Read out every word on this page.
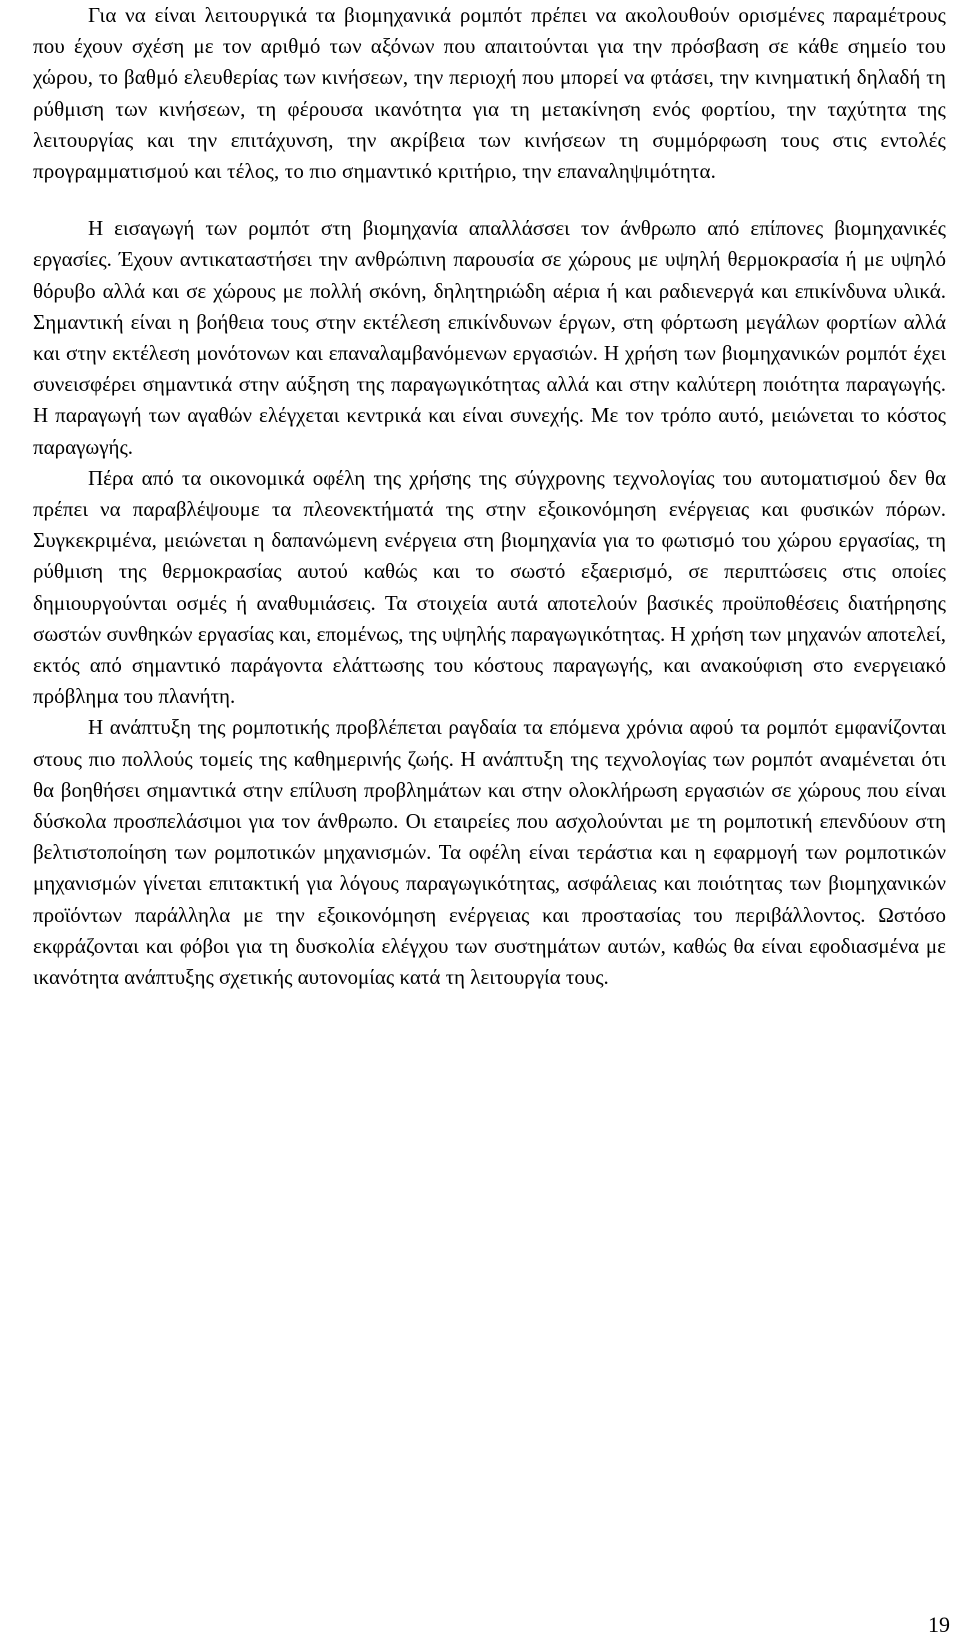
Για να είναι λειτουργικά τα βιομηχανικά ρομπότ πρέπει να ακολουθούν ορισμένες παραμέτρους που έχουν σχέση με τον αριθμό των αξόνων που απαιτούνται για την πρόσβαση σε κάθε σημείο του χώρου, το βαθμό ελευθερίας των κινήσεων, την περιοχή που μπορεί να φτάσει, την κινηματική δηλαδή τη ρύθμιση των κινήσεων, τη φέρουσα ικανότητα για τη μετακίνηση ενός φορτίου, την ταχύτητα της λειτουργίας και την επιτάχυνση, την ακρίβεια των κινήσεων τη συμμόρφωση τους στις εντολές προγραμματισμού και τέλος, το πιο σημαντικό κριτήριο, την επαναληψιμότητα.

Η εισαγωγή των ρομπότ στη βιομηχανία απαλλάσσει τον άνθρωπο από επίπονες βιομηχανικές εργασίες. Έχουν αντικαταστήσει την ανθρώπινη παρουσία σε χώρους με υψηλή θερμοκρασία ή με υψηλό θόρυβο αλλά και σε χώρους με πολλή σκόνη, δηλητηριώδη αέρια ή και ραδιενεργά και επικίνδυνα υλικά. Σημαντική είναι η βοήθεια τους στην εκτέλεση επικίνδυνων έργων, στη φόρτωση μεγάλων φορτίων αλλά και στην εκτέλεση μονότονων και επαναλαμβανόμενων εργασιών. Η χρήση των βιομηχανικών ρομπότ έχει συνεισφέρει σημαντικά στην αύξηση της παραγωγικότητας αλλά και στην καλύτερη ποιότητα παραγωγής. Η παραγωγή των αγαθών ελέγχεται κεντρικά και είναι συνεχής. Με τον τρόπο αυτό, μειώνεται το κόστος παραγωγής.

Πέρα από τα οικονομικά οφέλη της χρήσης της σύγχρονης τεχνολογίας του αυτοματισμού δεν θα πρέπει να παραβλέψουμε τα πλεονεκτήματά της στην εξοικονόμηση ενέργειας και φυσικών πόρων. Συγκεκριμένα, μειώνεται η δαπανώμενη ενέργεια στη βιομηχανία για το φωτισμό του χώρου εργασίας, τη ρύθμιση της θερμοκρασίας αυτού καθώς και το σωστό εξαερισμό, σε περιπτώσεις στις οποίες δημιουργούνται οσμές ή αναθυμιάσεις. Τα στοιχεία αυτά αποτελούν βασικές προϋποθέσεις διατήρησης σωστών συνθηκών εργασίας και, επομένως, της υψηλής παραγωγικότητας. Η χρήση των μηχανών αποτελεί, εκτός από σημαντικό παράγοντα ελάττωσης του κόστους παραγωγής, και ανακούφιση στο ενεργειακό πρόβλημα του πλανήτη.

Η ανάπτυξη της ρομποτικής προβλέπεται ραγδαία τα επόμενα χρόνια αφού τα ρομπότ εμφανίζονται στους πιο πολλούς τομείς της καθημερινής ζωής. Η ανάπτυξη της τεχνολογίας των ρομπότ αναμένεται ότι θα βοηθήσει σημαντικά στην επίλυση προβλημάτων και στην ολοκλήρωση εργασιών σε χώρους που είναι δύσκολα προσπελάσιμοι για τον άνθρωπο. Οι εταιρείες που ασχολούνται με τη ρομποτική επενδύουν στη βελτιστοποίηση των ρομποτικών μηχανισμών. Τα οφέλη είναι τεράστια και η εφαρμογή των ρομποτικών μηχανισμών γίνεται επιτακτική για λόγους παραγωγικότητας, ασφάλειας και ποιότητας των βιομηχανικών προϊόντων παράλληλα με την εξοικονόμηση ενέργειας και προστασίας του περιβάλλοντος. Ωστόσο εκφράζονται και φόβοι για τη δυσκολία ελέγχου των συστημάτων αυτών, καθώς θα είναι εφοδιασμένα με ικανότητα ανάπτυξης σχετικής αυτονομίας κατά τη λειτουργία τους.

19
